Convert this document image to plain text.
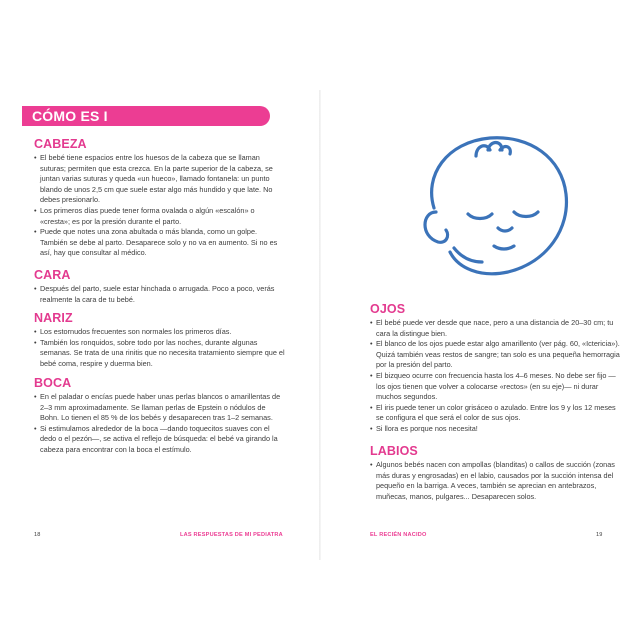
CÓMO ES I
CABEZA
• El bebé tiene espacios entre los huesos de la cabeza que se llaman suturas; permiten que esta crezca. En la parte superior de la cabeza, se juntan varias suturas y queda «un hueco», llamado fontanela: un punto blando de unos 2,5 cm que suele estar algo más hundido y que late. No debes presionarlo.
• Los primeros días puede tener forma ovalada o algún «escalón» o «cresta»; es por la presión durante el parto.
• Puede que notes una zona abultada o más blanda, como un golpe. También se debe al parto. Desaparece solo y no va en aumento. Si no es así, hay que consultar al médico.
CARA
• Después del parto, suele estar hinchada o arrugada. Poco a poco, verás realmente la cara de tu bebé.
NARIZ
• Los estornudos frecuentes son normales los primeros días.
• También los ronquidos, sobre todo por las noches, durante algunas semanas. Se trata de una rinitis que no necesita tratamiento siempre que el bebé coma, respire y duerma bien.
BOCA
• En el paladar o encías puede haber unas perlas blancos o amarillentas de 2–3 mm aproximadamente. Se llaman perlas de Epstein o nódulos de Bohn. Lo tienen el 85 % de los bebés y desaparecen tras 1–2 semanas.
• Si estimulamos alrededor de la boca —dando toquecitos suaves con el dedo o el pezón—, se activa el reflejo de búsqueda: el bebé va girando la cabeza para encontrar con la boca el estímulo.
18	LAS RESPUESTAS DE MI PEDIATRA
OJOS
• El bebé puede ver desde que nace, pero a una distancia de 20–30 cm; tu cara la distingue bien.
• El blanco de los ojos puede estar algo amarillento (ver pág. 60, «Ictericia»). Quizá también veas restos de sangre; tan solo es una pequeña hemorragia por la presión del parto.
• El bizqueo ocurre con frecuencia hasta los 4–6 meses. No debe ser fijo —los ojos tienen que volver a colocarse «rectos» (en su eje)— ni durar muchos segundos.
• El iris puede tener un color grisáceo o azulado. Entre los 9 y los 12 meses se configura el que será el color de sus ojos.
• Si llora es porque nos necesita!
LABIOS
• Algunos bebés nacen con ampollas (blanditas) o callos de succión (zonas más duras y engrosadas) en el labio, causados por la succión intensa del pequeño en la barriga. A veces, también se aprecian en antebrazos, muñecas, manos, pulgares... Desaparecen solos.
EL RECIÉN NACIDO	19
